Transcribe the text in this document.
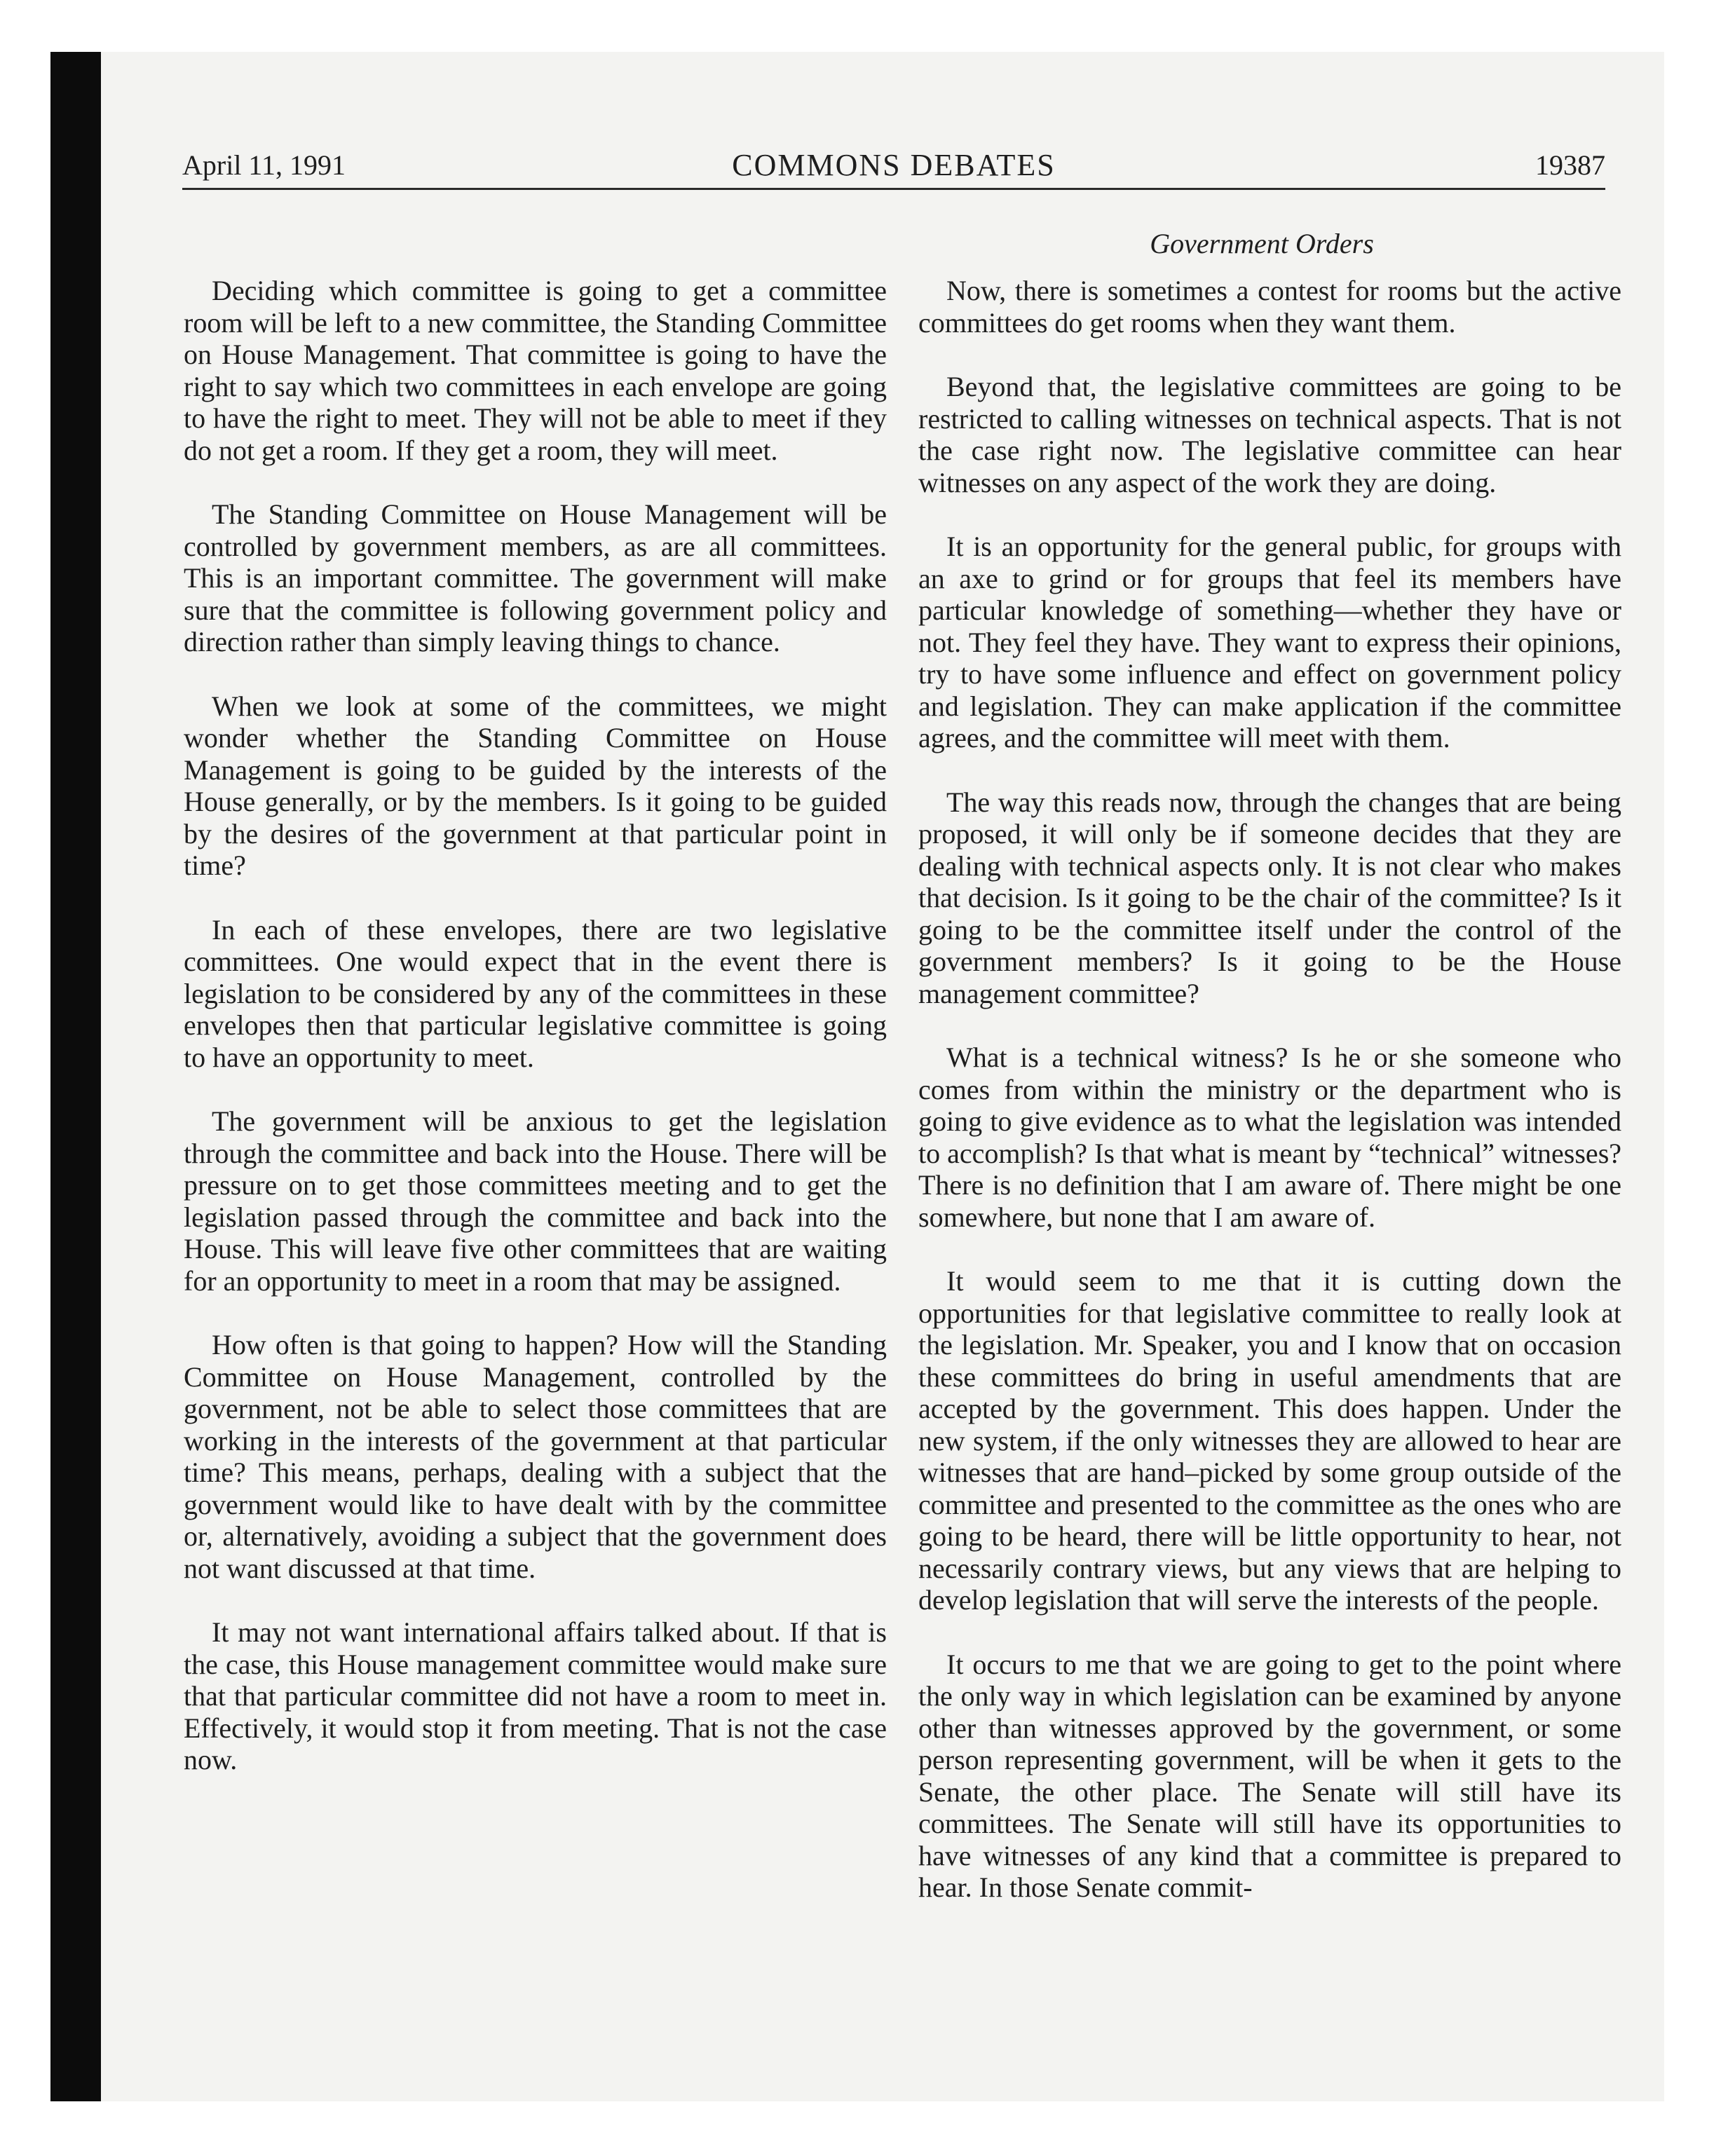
April 11, 1991	COMMONS DEBATES	19387
Government Orders

Deciding which committee is going to get a committee room will be left to a new committee, the Standing Committee on House Management. That committee is going to have the right to say which two committees in each envelope are going to have the right to meet. They will not be able to meet if they do not get a room. If they get a room, they will meet.

The Standing Committee on House Management will be controlled by government members, as are all committees. This is an important committee. The government will make sure that the committee is following government policy and direction rather than simply leaving things to chance.

When we look at some of the committees, we might wonder whether the Standing Committee on House Management is going to be guided by the interests of the House generally, or by the members. Is it going to be guided by the desires of the government at that particular point in time?

In each of these envelopes, there are two legislative committees. One would expect that in the event there is legislation to be considered by any of the committees in these envelopes then that particular legislative committee is going to have an opportunity to meet.

The government will be anxious to get the legislation through the committee and back into the House. There will be pressure on to get those committees meeting and to get the legislation passed through the committee and back into the House. This will leave five other committees that are waiting for an opportunity to meet in a room that may be assigned.

How often is that going to happen? How will the Standing Committee on House Management, controlled by the government, not be able to select those committees that are working in the interests of the government at that particular time? This means, perhaps, dealing with a subject that the government would like to have dealt with by the committee or, alternatively, avoiding a subject that the government does not want discussed at that time.

It may not want international affairs talked about. If that is the case, this House management committee would make sure that that particular committee did not have a room to meet in. Effectively, it would stop it from meeting. That is not the case now.

Now, there is sometimes a contest for rooms but the active committees do get rooms when they want them.

Beyond that, the legislative committees are going to be restricted to calling witnesses on technical aspects. That is not the case right now. The legislative committee can hear witnesses on any aspect of the work they are doing.

It is an opportunity for the general public, for groups with an axe to grind or for groups that feel its members have particular knowledge of something—whether they have or not. They feel they have. They want to express their opinions, try to have some influence and effect on government policy and legislation. They can make application if the committee agrees, and the committee will meet with them.

The way this reads now, through the changes that are being proposed, it will only be if someone decides that they are dealing with technical aspects only. It is not clear who makes that decision. Is it going to be the chair of the committee? Is it going to be the committee itself under the control of the government members? Is it going to be the House management committee?

What is a technical witness? Is he or she someone who comes from within the ministry or the department who is going to give evidence as to what the legislation was intended to accomplish? Is that what is meant by “technical” witnesses? There is no definition that I am aware of. There might be one somewhere, but none that I am aware of.

It would seem to me that it is cutting down the opportunities for that legislative committee to really look at the legislation. Mr. Speaker, you and I know that on occasion these committees do bring in useful amendments that are accepted by the government. This does happen. Under the new system, if the only witnesses they are allowed to hear are witnesses that are hand–picked by some group outside of the committee and presented to the committee as the ones who are going to be heard, there will be little opportunity to hear, not necessarily contrary views, but any views that are helping to develop legislation that will serve the interests of the people.

It occurs to me that we are going to get to the point where the only way in which legislation can be examined by anyone other than witnesses approved by the government, or some person representing government, will be when it gets to the Senate, the other place. The Senate will still have its committees. The Senate will still have its opportunities to have witnesses of any kind that a committee is prepared to hear. In those Senate commit-
